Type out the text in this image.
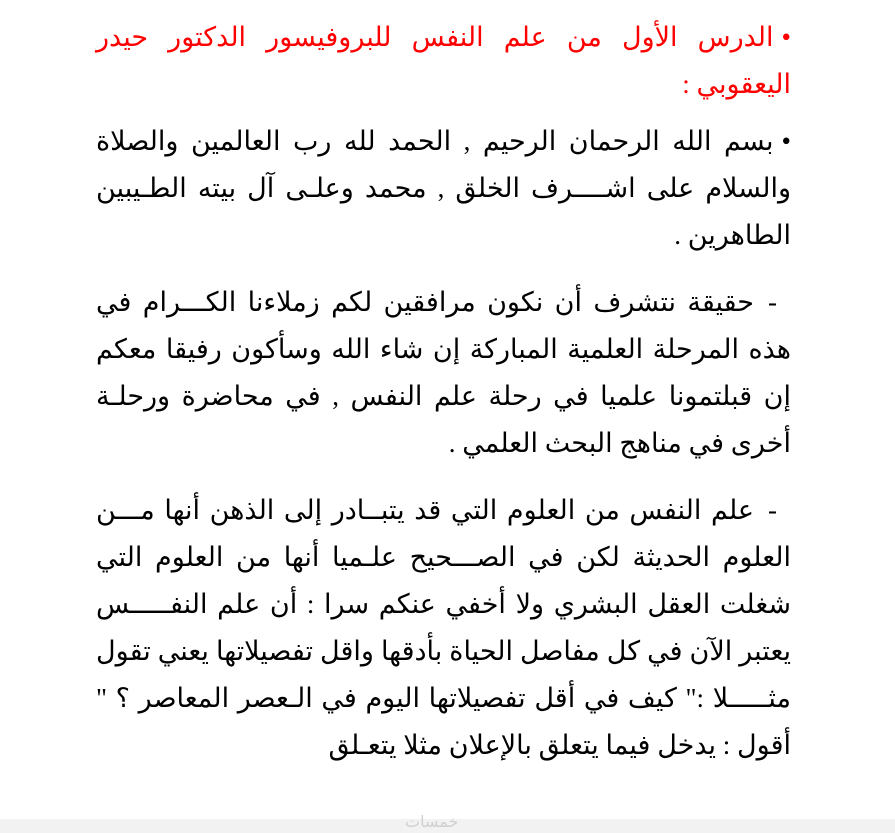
•الدرس الأول من علم النفس للبروفيسور الدكتور حيدر اليعقوبي :

•بسم الله الرحمان الرحيم , الحمد لله رب العالمين والصلاة والسلام على اشــــرف الخلق , محمد وعلـى آل بيته الطـيبين الطاهرين .

-حقيقة نتشرف أن نكون مرافقين لكم زملاءنا الكـــرام في هذه المرحلة العلمية المباركة إن شاء الله وسأكون رفيقا معكم إن قبلتمونا علميا في رحلة علم النفس , في محاضرة ورحلـة أخرى في مناهج البحث العلمي .

-علم النفس من العلوم التي قد يتبــادر إلى الذهن أنها مـــن العلوم الحديثة لكن في الصـــحيح علـميا أنها من العلوم التي شغلت العقل البشري ولا أخفي عنكم سرا : أن علم النفـــــس يعتبر الآن في كل مفاصل الحياة بأدقها واقل تفصيلاتها يعني تقول مثـــــلا :" كيف في أقل تفصيلاتها اليوم في الـعصر المعاصر ؟ " أقول : يدخل فيما يتعلق بالإعلان مثلا يتعـلق

خمسات
